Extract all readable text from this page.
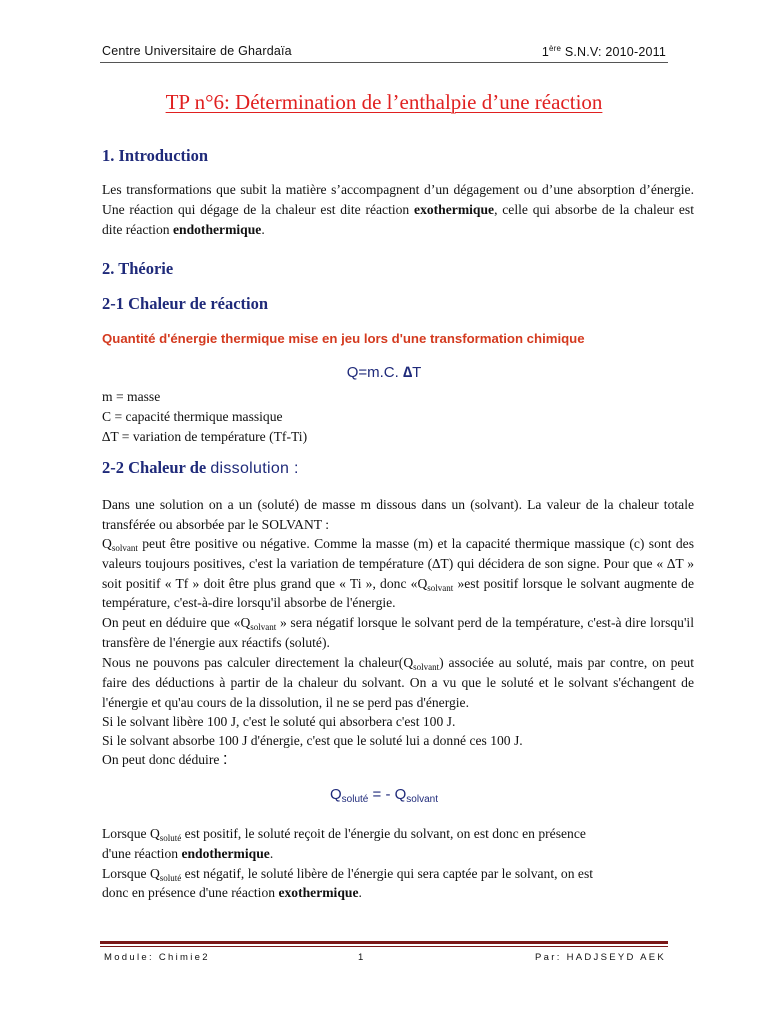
Centre Universitaire de Ghardaïa	1ère S.N.V: 2010-2011
TP n°6: Détermination de l’enthalpie d’une réaction
1. Introduction
Les transformations que subit la matière s’accompagnent d’un dégagement ou d’une absorption d’énergie. Une réaction qui dégage de la chaleur est dite réaction exothermique, celle qui absorbe de la chaleur est dite réaction endothermique.
2. Théorie
2-1 Chaleur de réaction
Quantité d'énergie thermique mise en jeu lors d'une transformation chimique
Q=m.C. ∆T
m = masse
C = capacité thermique massique
∆T = variation de température (Tf-Ti)
2-2 Chaleur de dissolution :
Dans une solution on a un (soluté) de masse m dissous dans un (solvant). La valeur de la chaleur totale transférée ou absorbée par le SOLVANT :
$Q_{solvant}$ peut être positive ou négative. Comme la masse (m) et la capacité thermique massique (c) sont des valeurs toujours positives, c'est la variation de température (∆T) qui décidera de son signe. Pour que « ∆T » soit positif « Tf » doit être plus grand que « Ti », donc «$Q_{solvant}$ »est positif lorsque le solvant augmente de température, c'est-à-dire lorsqu'il absorbe de l'énergie.
On peut en déduire que «$Q_{solvant}$ » sera négatif lorsque le solvant perd de la température, c'est-à dire lorsqu'il transfère de l'énergie aux réactifs (soluté).
Nous ne pouvons pas calculer directement la $chaleur(Q_{solvant})$ associée au soluté, mais par contre, on peut faire des déductions à partir de la chaleur du solvant. On a vu que le soluté et le solvant s'échangent de l'énergie et qu'au cours de la dissolution, il ne se perd pas d'énergie.
Si le solvant libère 100 J, c'est le soluté qui absorbera c'est 100 J.
Si le solvant absorbe 100 J d'énergie, c'est que le soluté lui a donné ces 100 J.
On peut donc déduire :
$Q_{soluté}$ = - $Q_{solvant}$
Lorsque $Q_{soluté}$ est positif, le soluté reçoit de l'énergie du solvant, on est donc en présence
d'une réaction endothermique.
Lorsque $Q_{soluté}$ est négatif, le soluté libère de l'énergie qui sera captée par le solvant, on est
donc en présence d'une réaction exothermique.
Module: Chimie2	1	Par: HADJSEYD AEK
